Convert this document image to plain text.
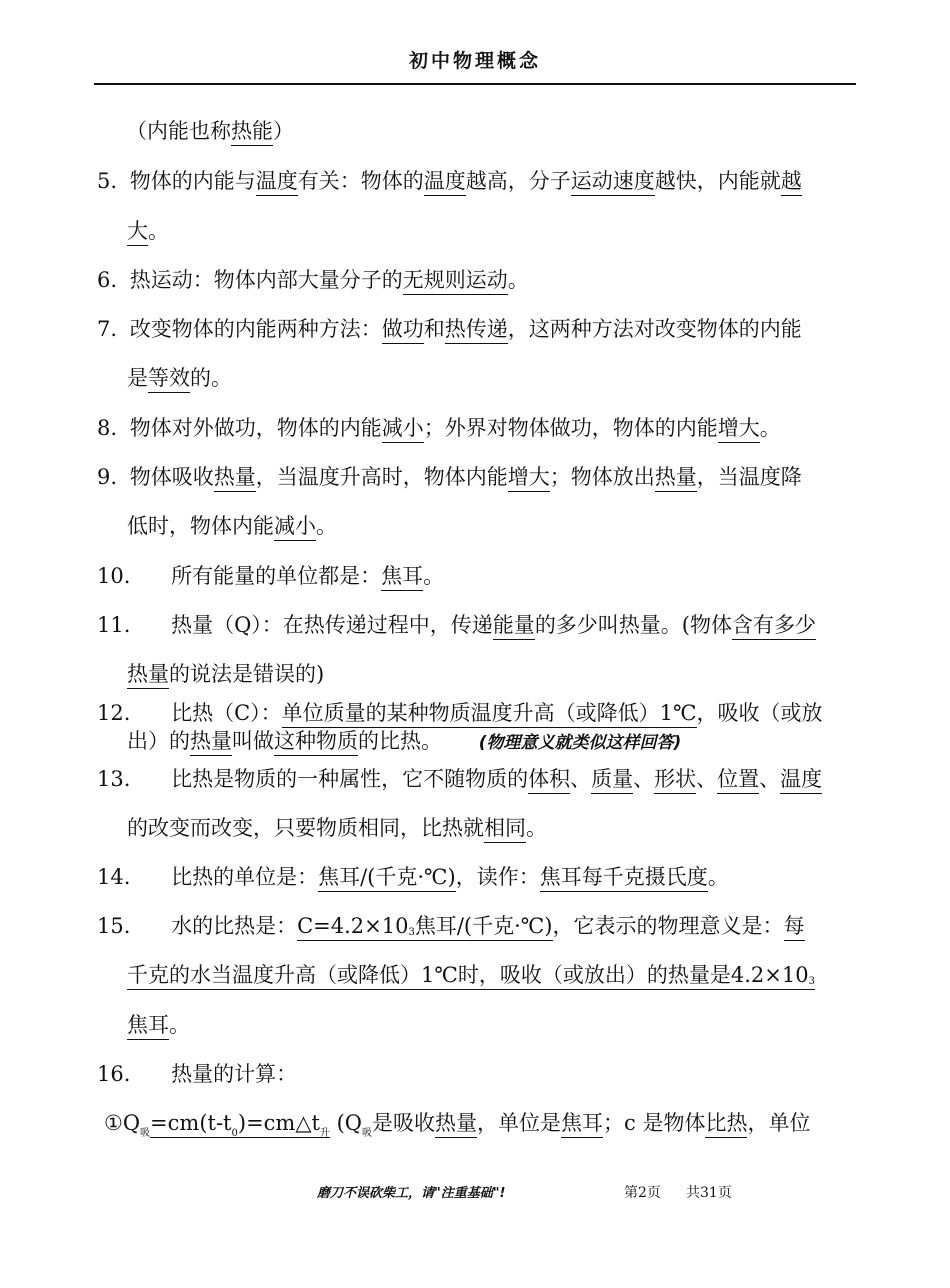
初中物理概念
（内能也称热能）
5. 物体的内能与温度有关：物体的温度越高，分子运动速度越快，内能就越
大。
6. 热运动：物体内部大量分子的无规则运动。
7. 改变物体的内能两种方法：做功和热传递，这两种方法对改变物体的内能
是等效的。
8. 物体对外做功，物体的内能减小；外界对物体做功，物体的内能增大。
9. 物体吸收热量，当温度升高时，物体内能增大；物体放出热量，当温度降
低时，物体内能减小。
10. 所有能量的单位都是：焦耳。
11. 热量（Q）：在热传递过程中，传递能量的多少叫热量。(物体含有多少
热量的说法是错误的)
12. 比热（C）：单位质量的某种物质温度升高（或降低）1℃，吸收（或放
出）的热量叫做这种物质的比热。 (物理意义就类似这样回答)
13. 比热是物质的一种属性，它不随物质的体积、质量、形状、位置、温度
的改变而改变，只要物质相同，比热就相同。
14. 比热的单位是：焦耳/(千克·℃)，读作：焦耳每千克摄氏度。
15. 水的比热是：$C=4.2\times 10_3$焦耳/(千克·℃)，它表示的物理意义是：每
千克的水当温度升高（或降低）1℃时，吸收（或放出）的热量是$4.2\times 10_3$
焦耳。
16. 热量的计算：
$①Q_吸=cm(t-t_0)=cm\triangle t_升$ ($Q_吸$是吸收热量，单位是焦耳；c 是物体比热，单位
磨刀不误砍柴工，请"注重基础"!	第2页 共31页
